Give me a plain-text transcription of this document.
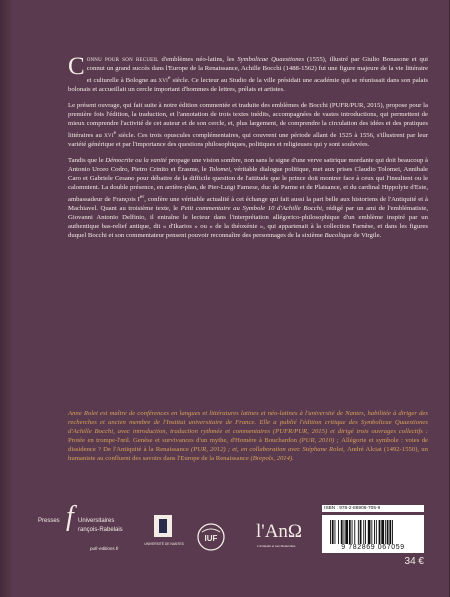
Connu pour son recueil d'emblèmes néo-latins, les Symbolicae Quaestiones (1555), illustré par Giulio Bonasone et qui connut un grand succès dans l'Europe de la Renaissance, Achille Bocchi (1488-1562) fut une figure majeure de la vie littéraire et culturelle à Bologne au xvi$^e$ siècle. Ce lecteur au Studio de la ville présidait une académie qui se réunissait dans son palais bolonais et accueillait un cercle important d'hommes de lettres, prélats et artistes.

Le présent ouvrage, qui fait suite à notre édition commentée et traduite des emblèmes de Bocchi (PUFR/PUR, 2015), propose pour la première fois l'édition, la traduction, et l'annotation de trois textes inédits, accompagnées de vastes introductions, qui permettent de mieux comprendre l'activité de cet auteur et de son cercle, et, plus largement, de comprendre la circulation des idées et des pratiques littéraires au xvi$^e$ siècle. Ces trois opuscules complémentaires, qui couvrent une période allant de 1525 à 1556, s'illustrent par leur variété générique et par l'importance des questions philosophiques, politiques et religieuses qui y sont soulevées.

Tandis que le Démocrite ou la vanité propage une vision sombre, non sans le signe d'une verve satirique mordante qui doit beaucoup à Antonio Urceo Codro, Pietro Crinito et Érasme, le Tolomei, véritable dialogue politique, met aux prises Claudio Tolomei, Annibale Caro et Gabriele Cesano pour débattre de la difficile question de l'attitude que le prince doit montrer face à ceux qui l'insultent ou le calomnient. La double présence, en arrière-plan, de Pier-Luigi Farnese, duc de Parme et de Plaisance, et du cardinal Hippolyte d'Este, ambassadeur de François Ier, confère une véritable actualité à cet échange qui fait aussi la part belle aux historiens de l'Antiquité et à Machiavel. Quant au troisième texte, le Petit commentaire au Symbole 10 d'Achille Bocchi, rédigé par un ami de l'emblématiste, Giovanni Antonio Delfinio, il entraîne le lecteur dans l'interprétation allégorico-philosophique d'un emblème inspiré par un authentique bas-relief antique, dit « d'Ikarios » ou « de la théoxénie », qui appartenait à la collection Farnèse, et dans les figures duquel Bocchi et son commentateur pensent pouvoir reconnaître des personnages de la sixième Bucolique de Virgile.

Anne Rolet est maître de conférences en langues et littératures latines et néo-latines à l'université de Nantes, habilitée à diriger des recherches et ancien membre de l'Institut universitaire de France. Elle a publié l'édition critique des Symbolicae Quaestiones d'Achille Bocchi, avec introduction, traduction rythmée et commentaires (PUFR/PUR, 2015) et dirigé trois ouvrages collectifs : Protée en trompe-l'œil. Genèse et survivances d'un mythe, d'Homère à Bouchardon (PUR, 2010) ; Allégorie et symbole : voies de dissidence ? De l'Antiquité à la Renaissance (PUR, 2012) ; et, en collaboration avec Stéphane Rolet, André Alciat (1492-1550), un humaniste au confluent des savoirs dans l'Europe de la Renaissance (Brepols, 2014).
Presses	Universitaires
f rançois-Rabelais
pufr-editions.fr
UNIVERSITÉ DE NANTES
IUF l'AnΩ
L'Antiquité et ses Modernités
ISBN : 978-2-86906-705-9
9 782869 067059
34 €
